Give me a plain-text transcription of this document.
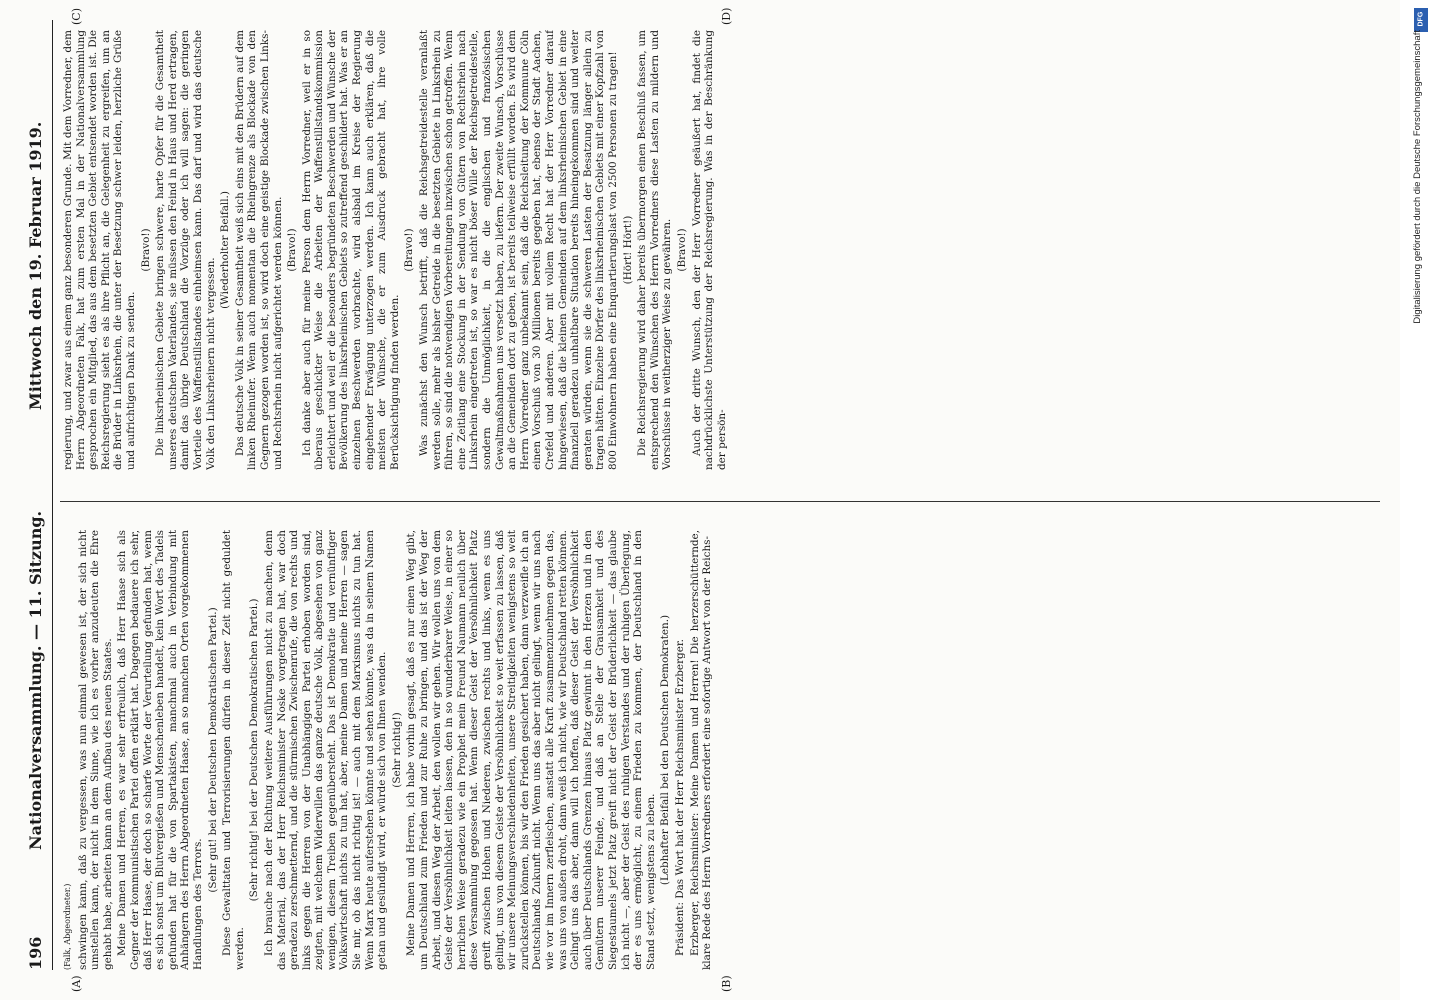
196
Nationalversammlung. — 11. Sitzung.
Mittwoch den 19. Februar 1919.
(A)	(B)
(C)	(D)

(Falk, Abgeordneter.) schwingen kann, daß zu vergessen, was nun einmal gewesen ist, der sich nicht umstellen kann, der nicht in dem Sinne, wie ich es vorher anzudeuten die Ehre gehabt habe, arbeiten kann an dem Aufbau des neuen Staates. Meine Damen und Herren, es war sehr erfreulich, daß Herr Haase sich als Gegner der kommunistischen Partei offen erklärt hat. Dagegen bedauere ich sehr, daß Herr Haase, der doch so scharfe Worte der Verurteilung gefunden hat, wenn es sich sonst um Blutvergießen und Menschenleben handelt, kein Wort des Tadels gefunden hat für die von Spartakisten, manchmal auch in Verbindung mit Anhängern des Herrn Abgeordneten Haase, an so manchen Orten vorgekommenen Handlungen des Terrors.

(Sehr gut! bei der Deutschen Demokratischen Partei.) Diese Gewalttaten und Terrorisierungen dürfen in dieser Zeit nicht geduldet werden.

(Sehr richtig! bei der Deutschen Demokratischen Partei.) Ich brauche nach der Richtung weitere Ausführungen nicht zu machen, denn das Material, das der Herr Reichsminister Noske vorgetragen hat, war doch geradezu zerschmetternd, und die stürmischen Zwischenrufe, die von rechts und links gegen die Herren von der Unabhängigen Partei erhoben worden sind, zeigten, mit welchem Widerwillen das ganze deutsche Volk, abgesehen von ganz wenigen, diesem Treiben gegenübersteht. Das ist Demokratie und vernünftiger Volkswirtschaft nichts zu tun hat, aber, meine Damen und meine Herren — sagen Sie mir, ob das nicht richtig ist! — auch mit dem Marxismus nichts zu tun hat. Wenn Marx heute auferstehen könnte und sehen könnte, was da in seinem Namen getan und gesündigt wird, er würde sich von Ihnen wenden. (Sehr richtig!) Meine Damen und Herren, ich habe vorhin gesagt, daß es nur einen Weg gibt, um Deutschland zum Frieden und zur Ruhe zu bringen, und das ist der Weg der Arbeit, und diesen Weg der Arbeit, den wollen wir gehen. Wir wollen uns von dem Geiste der Versöhnlichkeit leiten lassen, den in so wunderbarer Weise, in einer so herrlichen Weise geradezu wie ein Prophet mein Freund Naumann neulich über diese Versammlung gegossen hat. Wenn dieser Geist der Versöhnlichkeit Platz greift zwischen Hohen und Niederen, zwischen rechts und links, wenn es uns gelingt, uns von diesem Geiste der Versöhnlichkeit so weit erfassen zu lassen, daß wir unsere Meinungsverschiedenheiten, unsere Streitigkeiten wenigstens so weit zurückstellen können, bis wir den Frieden gesichert haben, dann verzweifle ich an Deutschlands Zukunft nicht. Wenn uns das aber nicht gelingt, wenn wir uns nach wie vor im Innern zerfleischen, anstatt alle Kraft zusammenzunehmen gegen das, was uns von außen droht, dann weiß ich nicht, wie wir Deutschland retten können. Gelingt uns das aber, dann will ich hoffen, daß dieser Geist der Versöhnlichkeit auch über Deutschlands Grenzen hinaus Platz gewinnt in den Herzen und in den Gemütern unserer Feinde, und daß an Stelle der Grausamkeit und des Siegestaumels jetzt Platz greift nicht der Geist der Brüderlichkeit — das glaube ich nicht —, aber der Geist des ruhigen Verstandes und der ruhigen Überlegung, der es uns ermöglicht, zu einem Frieden zu kommen, der Deutschland in den Stand setzt, wenigstens zu leben. (Lebhafter Beifall bei den Deutschen Demokraten.) Präsident: Das Wort hat der Herr Reichsminister Erzberger. Erzberger, Reichsminister: Meine Damen und Herren! Die herzerschütternde, klare Rede des Herrn Vorredners erfordert eine sofortige Antwort von der Reichs-

regierung, und zwar aus einem ganz besonderen Grunde. Mit dem Vorredner, dem Herrn Abgeordneten Falk, hat zum ersten Mal in der Nationalversammlung gesprochen ein Mitglied, das aus dem besetzten Gebiet entsendet worden ist. Die Reichsregierung sieht es als ihre Pflicht an, die Gelegenheit zu ergreifen, um an die Brüder in Linksrhein, die unter der Besetzung schwer leiden, herzliche Grüße und aufrichtigen Dank zu senden.

(Bravo!) Die linksrheinischen Gebiete bringen schwere, harte Opfer für die Gesamtheit unseres deutschen Vaterlandes, sie müssen den Feind in Haus und Herd ertragen, damit das übrige Deutschland die Vorzüge oder ich will sagen: die geringen Vorteile des Waffenstillstandes einheimsen kann. Das darf und wird das deutsche Volk den Linksrheinern nicht vergessen.

(Wiederholter Beifall.) Das deutsche Volk in seiner Gesamtheit weiß sich eins mit den Brüdern auf dem linken Rheinufer. Wenn auch momentan die Rheingrenze als Blockade von den Gegnern gezogen worden ist, so wird doch eine geistige Blockade zwischen Links- und Rechtsrhein nicht aufgerichtet werden können. (Bravo!) Ich danke aber auch für meine Person dem Herrn Vorredner, weil er in so überaus geschickter Weise die Arbeiten der Waffenstillstandskommission erleichtert und weil er die besonders begründeten Beschwerden und Wünsche der Bevölkerung des linksrheinischen Gebiets so zutreffend geschildert hat. Was er an einzelnen Beschwerden vorbrachte, wird alsbald im Kreise der Regierung eingehender Erwägung unterzogen werden. Ich kann auch erklären, daß die meisten der Wünsche, die er zum Ausdruck gebracht hat, ihre volle Berücksichtigung finden werden.

(Bravo!) Was zunächst den Wunsch betrifft, daß die Reichsgetreidestelle veranlaßt werden solle, mehr als bisher Getreide in die besetzten Gebiete in Linksrhein zu führen, so sind die notwendigen Vorbereitungen inzwischen schon getroffen. Wenn eine Zeitlang eine Stockung in der Sendung von Gütern von Rechtsrhein nach Linksrhein eingetreten ist, so war es nicht böser Wille der Reichsgetreidestelle, sondern die Unmöglichkeit, in die die englischen und französischen Gewaltmaßnahmen uns versetzt haben, zu liefern. Der zweite Wunsch, Vorschüsse an die Gemeinden dort zu geben, ist bereits teilweise erfüllt worden. Es wird dem Herrn Vorredner ganz unbekannt sein, daß die Reichsleitung der Kommune Cöln einen Vorschuß von 30 Millionen bereits gegeben hat, ebenso der Stadt Aachen, Crefeld und anderen. Aber mit vollem Recht hat der Herr Vorredner darauf hingewiesen, daß die kleinen Gemeinden auf dem linksrheinischen Gebiet in eine finanziell geradezu unhaltbare Situation bereits hineingekommen sind und weiter geraten würden, wenn sie die schweren Lasten der Besatzung länger allein zu tragen hätten. Einzelne Dörfer des linksrheinischen Gebiets mit einer Kopfzahl von 800 Einwohnern haben eine Einquartierungslast von 2500 Personen zu tragen! (Hört! Hört!) Die Reichsregierung wird daher bereits übermorgen einen Beschluß fassen, um entsprechend den Wünschen des Herrn Vorredners diese Lasten zu mildern und Vorschüsse in weitherziger Weise zu gewähren. (Bravo!) Auch der dritte Wunsch, den der Herr Vorredner geäußert hat, findet die nachdrücklichste Unterstützung der Reichsregierung. Was in der Beschränkung der persön-

DFG
Digitalisierung gefördert durch die Deutsche Forschungsgemeinschaft
